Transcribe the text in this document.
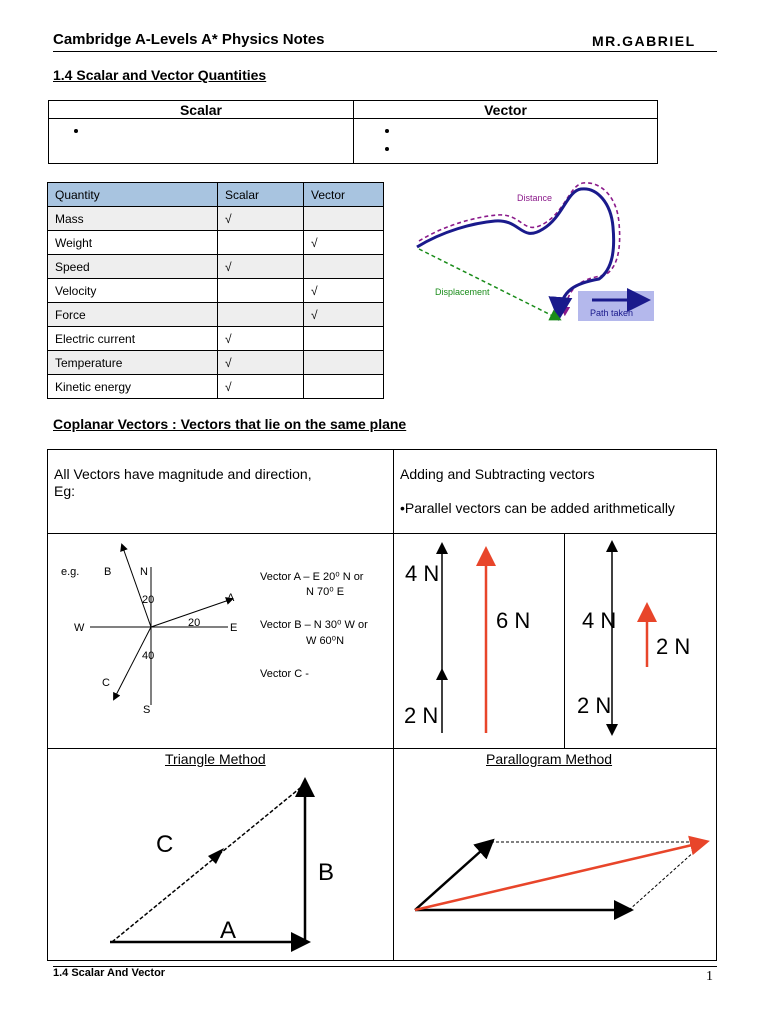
Cambridge A-Levels A* Physics Notes	MR.GABRIEL
1.4 Scalar and Vector Quantities
Scalar	Vector

•

•
•
Quantity	Scalar	Vector
Mass	√	
Weight		√
Speed	√	
Velocity		√
Force		√
Electric current	√	
Temperature	√	
Kinetic energy	√	
Distance
Displacement
Path taken
Coplanar Vectors : Vectors that lie on the same plane
All Vectors have magnitude and direction,
Eg:
Adding and Subtracting vectors
•Parallel vectors can be added arithmetically
e.g. B	N
20	A
20
W	E
40
C
S
Vector A – E 20⁰ N or
N 70⁰ E
Vector B – N 30⁰ W or
W 60⁰N
Vector C -
4 N
2 N
6 N 4 N
2 N
2 N
Triangle Method
A
B
C
Parallogram Method
1.4 Scalar And Vector	1
